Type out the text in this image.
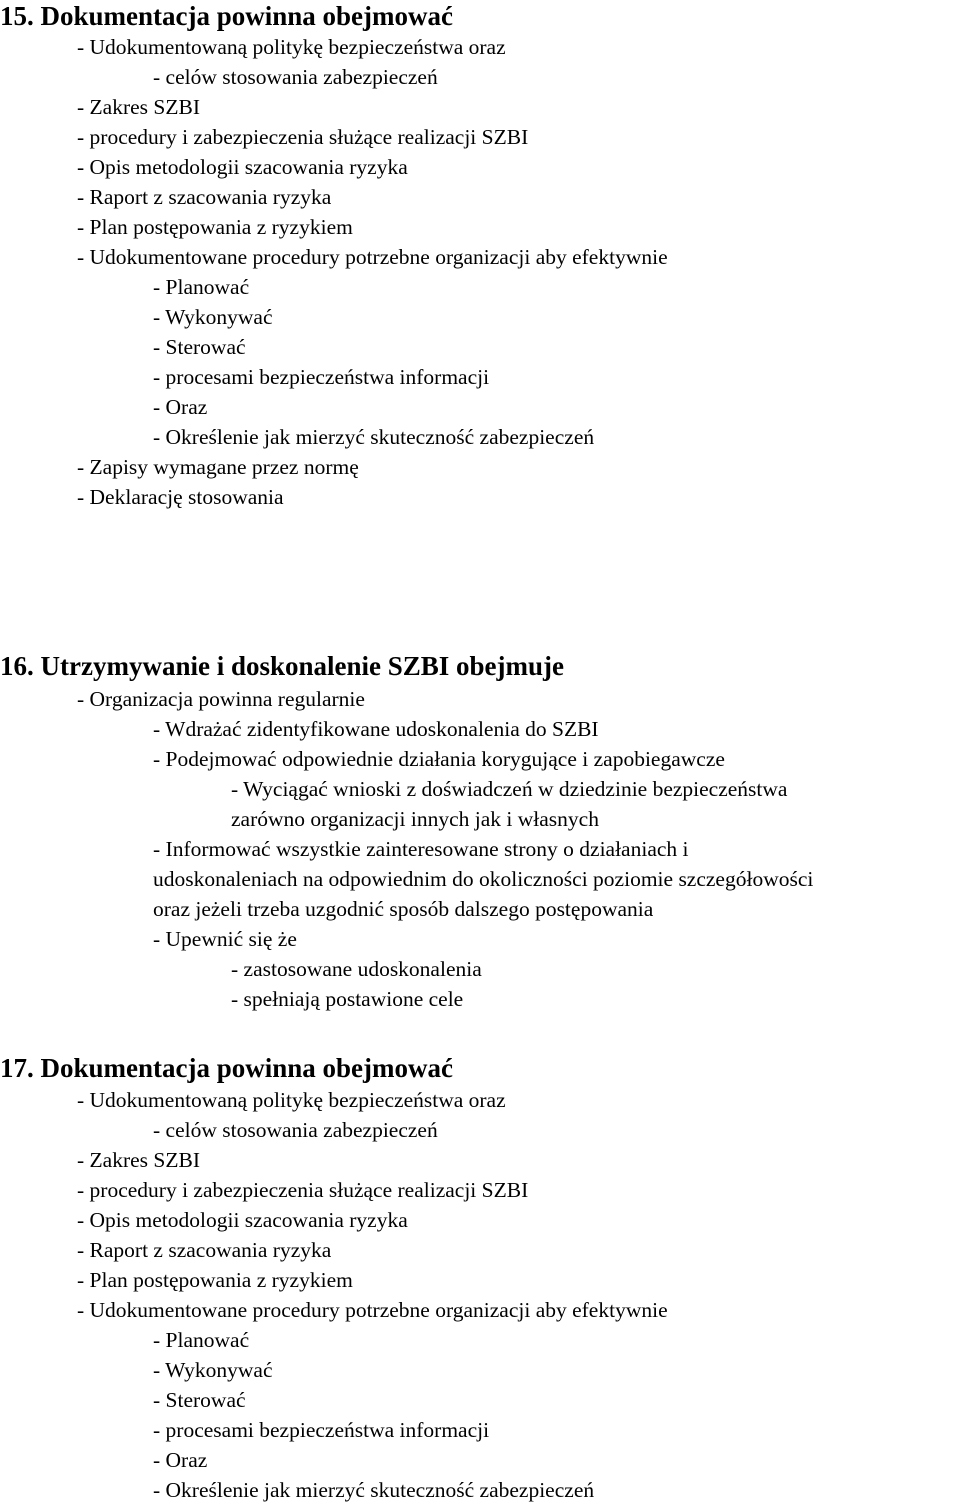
15. Dokumentacja powinna obejmować
- Udokumentowaną politykę bezpieczeństwa oraz
- celów stosowania zabezpieczeń
- Zakres SZBI
- procedury i zabezpieczenia służące realizacji SZBI
- Opis metodologii szacowania ryzyka
- Raport z szacowania ryzyka
- Plan postępowania z ryzykiem
- Udokumentowane procedury potrzebne organizacji aby efektywnie
- Planować
- Wykonywać
- Sterować
- procesami bezpieczeństwa informacji
- Oraz
- Określenie jak mierzyć skuteczność zabezpieczeń
- Zapisy wymagane przez normę
- Deklarację stosowania
16. Utrzymywanie i doskonalenie SZBI obejmuje
- Organizacja powinna regularnie
- Wdrażać zidentyfikowane udoskonalenia do SZBI
- Podejmować odpowiednie działania korygujące i zapobiegawcze
- Wyciągać wnioski z doświadczeń w dziedzinie bezpieczeństwa
zarówno organizacji innych jak i własnych
- Informować wszystkie zainteresowane strony o działaniach i
udoskonaleniach na odpowiednim do okoliczności poziomie szczegółowości
oraz jeżeli trzeba uzgodnić sposób dalszego postępowania
- Upewnić się że
- zastosowane udoskonalenia
- spełniają postawione cele
17. Dokumentacja powinna obejmować
- Udokumentowaną politykę bezpieczeństwa oraz
- celów stosowania zabezpieczeń
- Zakres SZBI
- procedury i zabezpieczenia służące realizacji SZBI
- Opis metodologii szacowania ryzyka
- Raport z szacowania ryzyka
- Plan postępowania z ryzykiem
- Udokumentowane procedury potrzebne organizacji aby efektywnie
- Planować
- Wykonywać
- Sterować
- procesami bezpieczeństwa informacji
- Oraz
- Określenie jak mierzyć skuteczność zabezpieczeń
